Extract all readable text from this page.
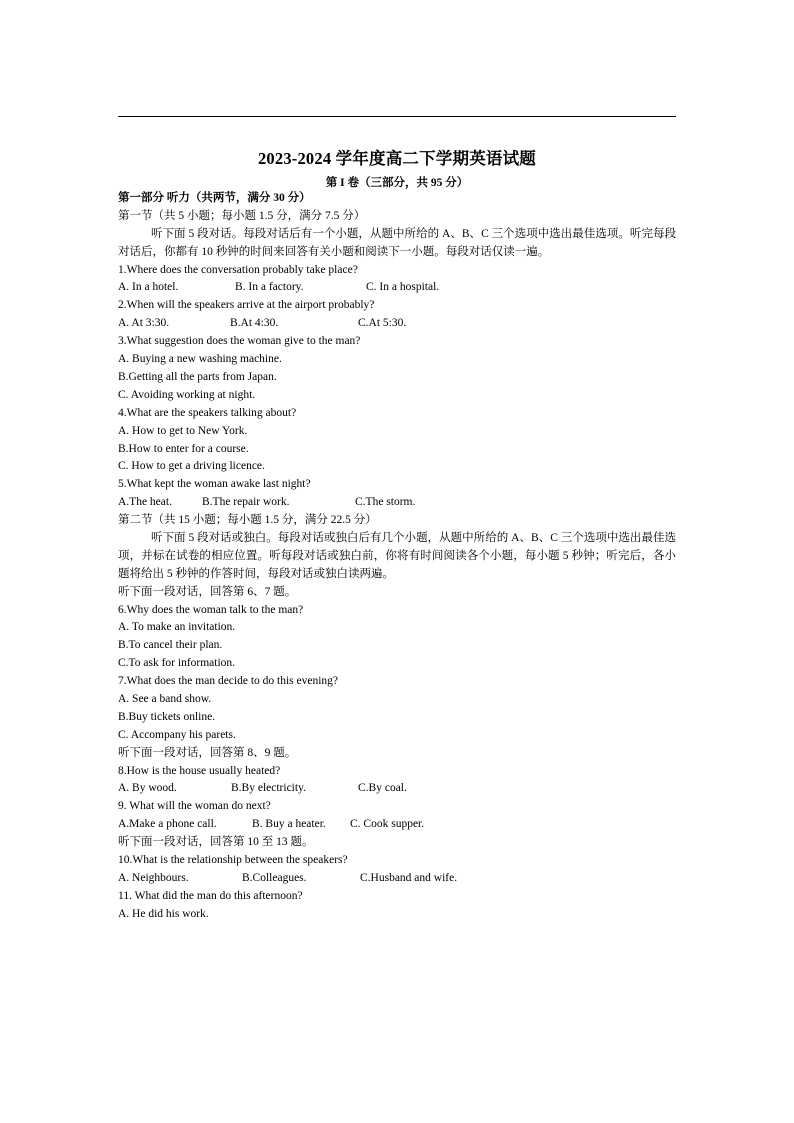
2023-2024 学年度高二下学期英语试题
第 I 卷（三部分，共 95 分）
第一部分 听力（共两节，满分 30 分）
第一节（共 5 小题；每小题 1.5 分，满分 7.5 分）
听下面 5 段对话。每段对话后有一个小题，从题中所给的 A、B、C 三个选项中选出最佳选项。听完每段对话后，你都有 10 秒钟的时间来回答有关小题和阅读下一小题。每段对话仅读一遍。
1.Where does the conversation probably take place?
A. In a hotel.	B. In a factory.	C. In a hospital.
2.When will the speakers arrive at the airport probably?
A. At 3:30.	B.At 4:30.	C.At 5:30.
3.What suggestion does the woman give to the man?
A. Buying a new washing machine.
B.Getting all the parts from Japan.
C. Avoiding working at night.
4.What are the speakers talking about?
A. How to get to New York.
B.How to enter for a course.
C. How to get a driving licence.
5.What kept the woman awake last night?
A.The heat.	B.The repair work.	C.The storm.
第二节（共 15 小题；每小题 1.5 分，满分 22.5 分）
听下面 5 段对话或独白。每段对话或独白后有几个小题，从题中所给的 A、B、C 三个选项中选出最佳选项，并标在试卷的相应位置。听每段对话或独白前，你将有时间阅读各个小题，每小题 5 秒钟；听完后，各小题将给出 5 秒钟的作答时间，每段对话或独白读两遍。
听下面一段对话，回答第 6、7 题。
6.Why does the woman talk to the man?
A. To make an invitation.
B.To cancel their plan.
C.To ask for information.
7.What does the man decide to do this evening?
A. See a band show.
B.Buy tickets online.
C. Accompany his parets.
听下面一段对话，回答第 8、9 题。
8.How is the house usually heated?
A. By wood.	B.By electricity.	C.By coal.
9. What will the woman do next?
A.Make a phone call.	B. Buy a heater.	C. Cook supper.
听下面一段对话，回答第 10 至 13 题。
10.What is the relationship between the speakers?
A. Neighbours.	B.Colleagues.	C.Husband and wife.
11. What did the man do this afternoon?
A. He did his work.
